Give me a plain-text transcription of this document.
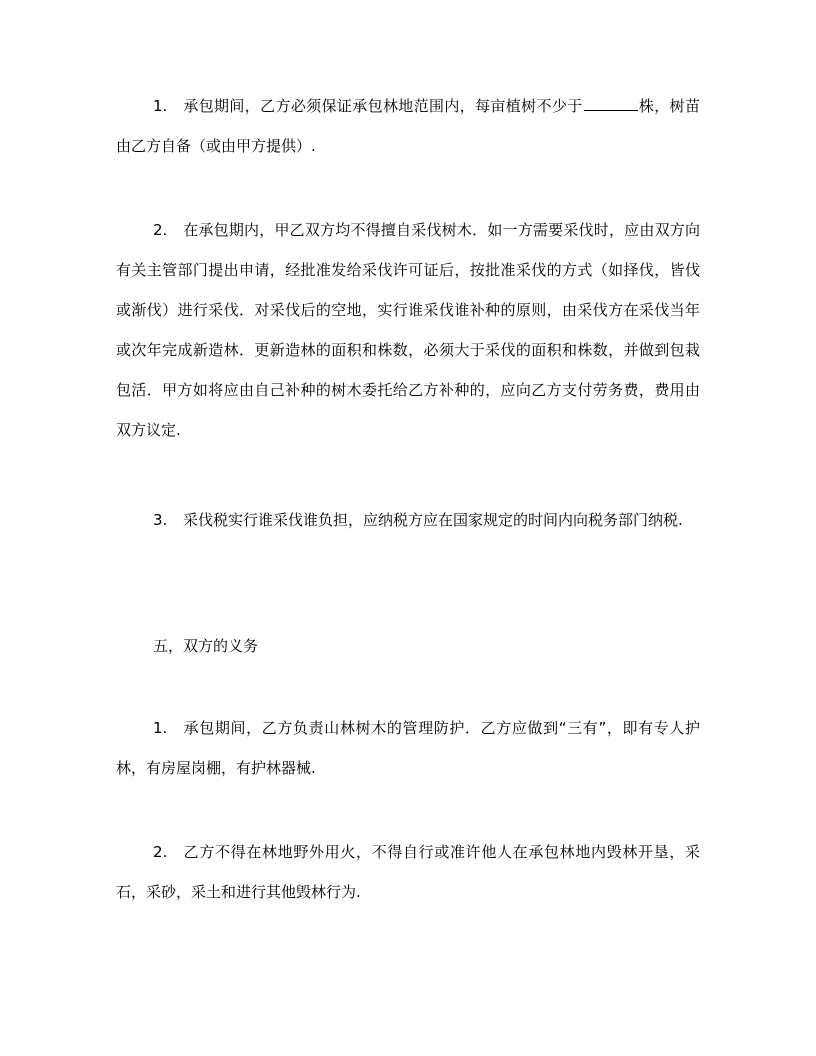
1. 承包期间，乙方必须保证承包林地范围内，每亩植树不少于	株，树苗由乙方自备（或由甲方提供）.

2. 在承包期内，甲乙双方均不得擅自采伐树木．如一方需要采伐时，应由双方向有关主管部门提出申请，经批准发给采伐许可证后，按批准采伐的方式（如择伐，皆伐或渐伐）进行采伐．对采伐后的空地，实行谁采伐谁补种的原则，由采伐方在采伐当年或次年完成新造林．更新造林的面积和株数，必须大于采伐的面积和株数，并做到包栽包活．甲方如将应由自己补种的树木委托给乙方补种的，应向乙方支付劳务费，费用由双方议定.

3. 采伐税实行谁采伐谁负担，应纳税方应在国家规定的时间内向税务部门纳税.

五，双方的义务

1. 承包期间，乙方负责山林树木的管理防护．乙方应做到“三有”，即有专人护林，有房屋岗棚，有护林器械.

2. 乙方不得在林地野外用火，不得自行或准许他人在承包林地内毁林开垦，采石，采砂，采土和进行其他毁林行为.
